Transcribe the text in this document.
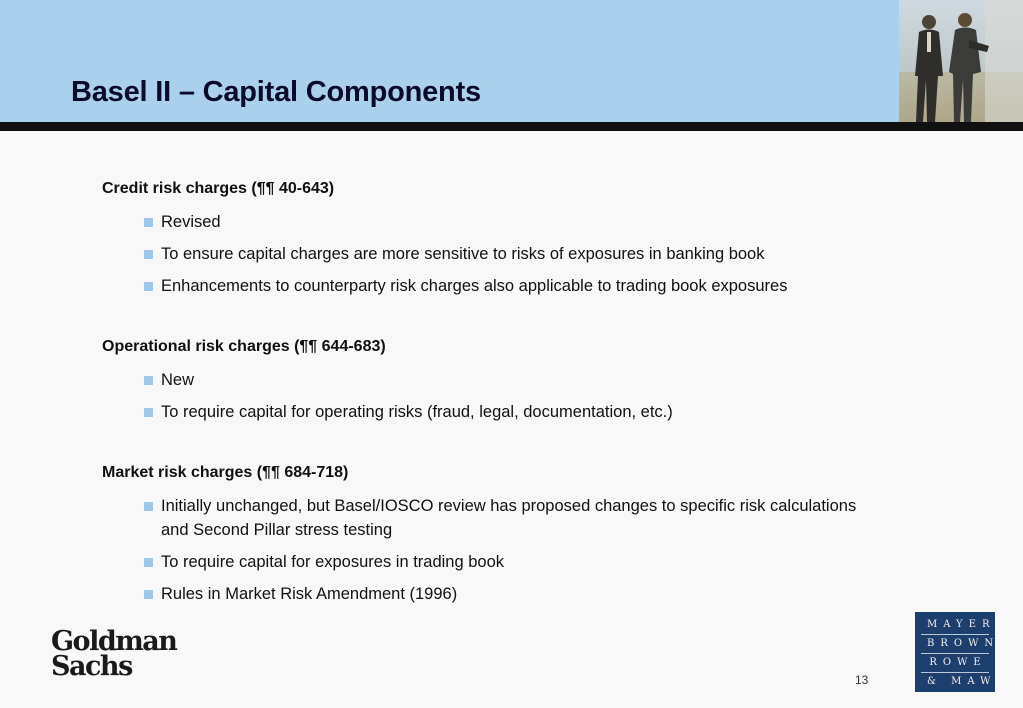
Basel II – Capital Components
Credit risk charges (¶¶ 40-643)
Revised
To ensure capital charges are more sensitive to risks of exposures in banking book
Enhancements to counterparty risk charges also applicable to trading book exposures
Operational risk charges (¶¶ 644-683)
New
To require capital for operating risks (fraud, legal, documentation, etc.)
Market risk charges (¶¶ 684-718)
Initially unchanged, but Basel/IOSCO review has proposed changes to specific risk calculations and Second Pillar stress testing
To require capital for exposures in trading book
Rules in Market Risk Amendment (1996)
Goldman
Sachs	13
MAYER
BROWN
ROWE
& MAW
